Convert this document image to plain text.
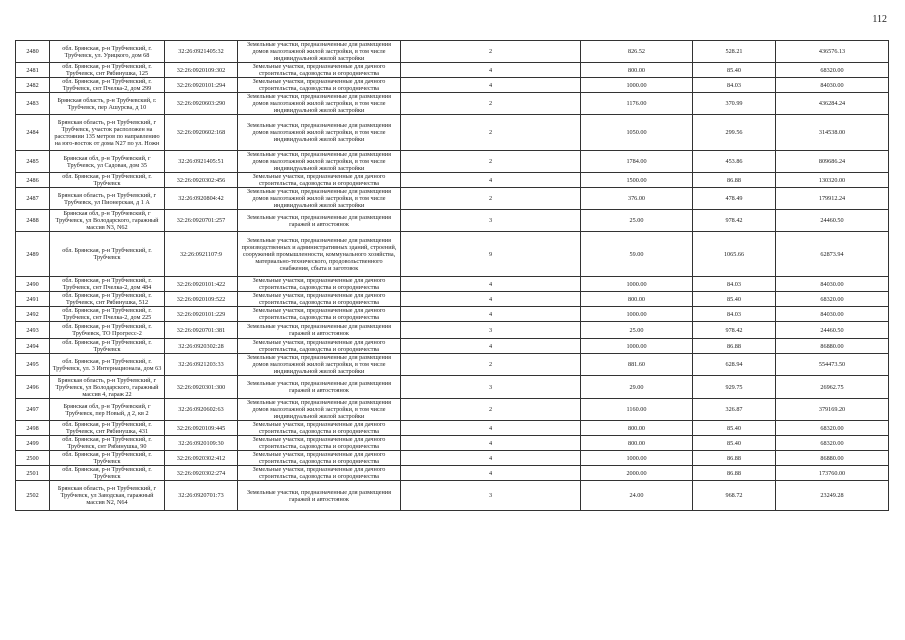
112
2480	обл. Брянская, р-н Трубчевский, г. Трубчевск, ул. Урицкого, дом 68	32:26:0921405:32	Земельные участки, предназначенные для размещения домов малоэтажной жилой застройки, в том числе индивидуальной жилой застройки	2	826.52	528.21	436576.13
2481	обл. Брянская, р-н Трубчевский, г. Трубчевск, снт Рябинушка, 125	32:26:0920109:302	Земельные участки, предназначенные для дачного строительства, садоводства и огородничества	4	800.00	85.40	68320.00
2482	обл. Брянская, р-н Трубчевский, г. Трубчевск, снт Пчелка-2, дом 299	32:26:0920101:294	Земельные участки, предназначенные для дачного строительства, садоводства и огородничества	4	1000.00	84.03	84030.00
2483	Брянская область, р-н Трубчевский, г. Трубчевск, пер Ашурсва, д 10	32:26:0920603:290	Земельные участки, предназначенные для размещения домов малоэтажной жилой застройки, в том числе индивидуальной жилой застройки	2	1176.00	370.99	436284.24
2484	Брянская область, р-н Трубчевский, г Трубчевск, участок расположен на расстоянии 135 метров по направлению на юго-восток от дома N27 по ул. Ножн	32:26:0920602:168	Земельные участки, предназначенные для размещения домов малоэтажной жилой застройки, в том числе индивидуальной жилой застройки	2	1050.00	299.56	314538.00
2485	Брянская обл, р-н Трубчевский, г Трубчевск, ул Садовая, дом 35	32:26:0921405:51	Земельные участки, предназначенные для размещения домов малоэтажной жилой застройки, в том числе индивидуальной жилой застройки	2	1784.00	453.86	809686.24
2486	обл. Брянская, р-н Трубчевский, г. Трубчевск	32:26:0920302:456	Земельные участки, предназначенные для дачного строительства, садоводства и огородничества	4	1500.00	86.88	130320.00
2487	Брянская область, р-н Трубчевский, г Трубчевск, ул Пионерская, д 1 А	32:26:0920804:42	Земельные участки, предназначенные для размещения домов малоэтажной жилой застройки, в том числе индивидуальной жилой застройки	2	376.00	478.49	179912.24
2488	Брянская обл, р-н Трубчевский, г Трубчевск, ул Володарского, гаражный массив N3, N62	32:26:0920701:257	Земельные участки, предназначенные для размещения гаражей и автостоянок	3	25.00	978.42	24460.50
2489	обл. Брянская, р-н Трубчевский, г. Трубчевск	32:26:0921107:9	Земельные участки, предназначенные для размещения производственных и административных зданий, строений, сооружений промышленности, коммунального хозяйства, материально-технического, продовольственного снабжения, сбыта и заготовок	9	59.00	1065.66	62873.94
2490	обл. Брянская, р-н Трубчевский, г. Трубчевск, снт Пчелка-2, дом 484	32:26:0920101:422	Земельные участки, предназначенные для дачного строительства, садоводства и огородничества	4	1000.00	84.03	84030.00
2491	обл. Брянская, р-н Трубчевский, г. Трубчевск, снт Рябинушка, 512	32:26:0920109:522	Земельные участки, предназначенные для дачного строительства, садоводства и огородничества	4	800.00	85.40	68320.00
2492	обл. Брянская, р-н Трубчевский, г. Трубчевск, снт Пчелка-2, дом 225	32:26:0920101:229	Земельные участки, предназначенные для дачного строительства, садоводства и огородничества	4	1000.00	84.03	84030.00
2493	обл. Брянская, р-н Трубчевский, г. Трубчевск, ТО Прогресс-2	32:26:0920701:381	Земельные участки, предназначенные для размещения гаражей и автостоянок	3	25.00	978.42	24460.50
2494	обл. Брянская, р-н Трубчевский, г. Трубчевск	32:26:0920302:28	Земельные участки, предназначенные для дачного строительства, садоводства и огородничества	4	1000.00	86.88	86880.00
2495	обл. Брянская, р-н Трубчевский, г. Трубчевск, ул. 3 Интернационала, дом 63	32:26:0921203:33	Земельные участки, предназначенные для размещения домов малоэтажной жилой застройки, в том числе индивидуальной жилой застройки	2	881.60	628.94	554473.50
2496	Брянская область, р-н Трубчевский, г Трубчевск, ул Володарского, гаражный массив 4, гараж 22	32:26:0920301:300	Земельные участки, предназначенные для размещения гаражей и автостоянок	3	29.00	929.75	26962.75
2497	Брянская обл, р-н Трубчевский, г Трубчевск, пер Новый, д 2, кв 2	32:26:0920602:63	Земельные участки, предназначенные для размещения домов малоэтажной жилой застройки, в том числе индивидуальной жилой застройки	2	1160.00	326.87	379169.20
2498	обл. Брянская, р-н Трубчевский, г. Трубчевск, снт Рябинушка, 431	32:26:0920109:445	Земельные участки, предназначенные для дачного строительства, садоводства и огородничества	4	800.00	85.40	68320.00
2499	обл. Брянская, р-н Трубчевский, г. Трубчевск, снт Рябинушка, 90	32:26:0920109:30	Земельные участки, предназначенные для дачного строительства, садоводства и огородничества	4	800.00	85.40	68320.00
2500	обл. Брянская, р-н Трубчевский, г. Трубчевск	32:26:0920302:412	Земельные участки, предназначенные для дачного строительства, садоводства и огородничества	4	1000.00	86.88	86880.00
2501	обл. Брянская, р-н Трубчевский, г. Трубчевск	32:26:0920302:274	Земельные участки, предназначенные для дачного строительства, садоводства и огородничества	4	2000.00	86.88	173760.00
2502	Брянская область, р-н Трубчевский, г Трубчевск, ул Заводская, гаражный массив N2, N64	32:26:0920701:73	Земельные участки, предназначенные для размещения гаражей и автостоянок	3	24.00	968.72	23249.28
